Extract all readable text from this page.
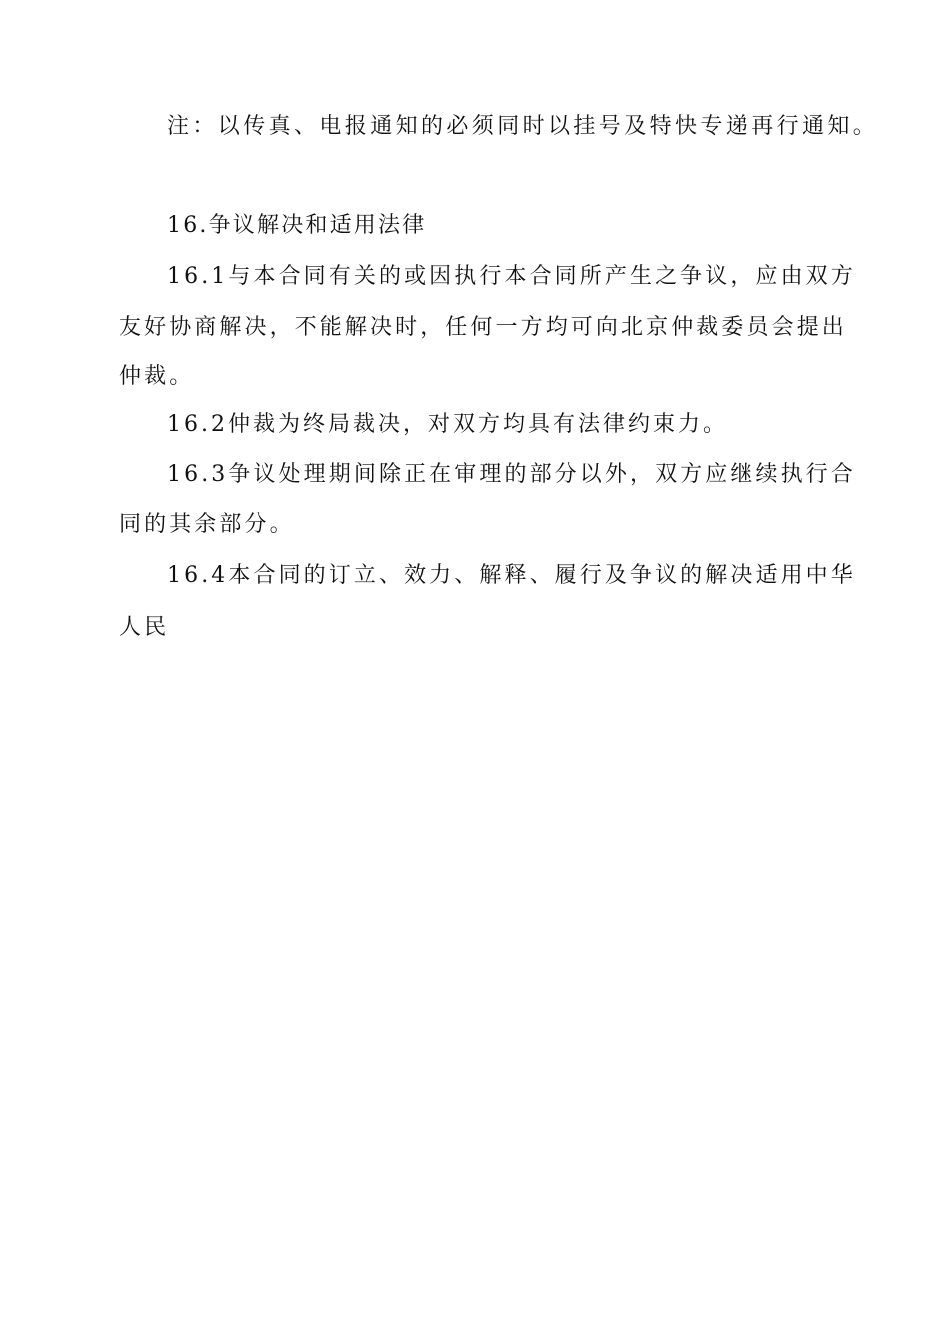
注：以传真、电报通知的必须同时以挂号及特快专递再行通知。
16.争议解决和适用法律
16.1与本合同有关的或因执行本合同所产生之争议，应由双方
友好协商解决，不能解决时，任何一方均可向北京仲裁委员会提出
仲裁。
16.2仲裁为终局裁决，对双方均具有法律约束力。
16.3争议处理期间除正在审理的部分以外，双方应继续执行合
同的其余部分。
16.4本合同的订立、效力、解释、履行及争议的解决适用中华
人民
